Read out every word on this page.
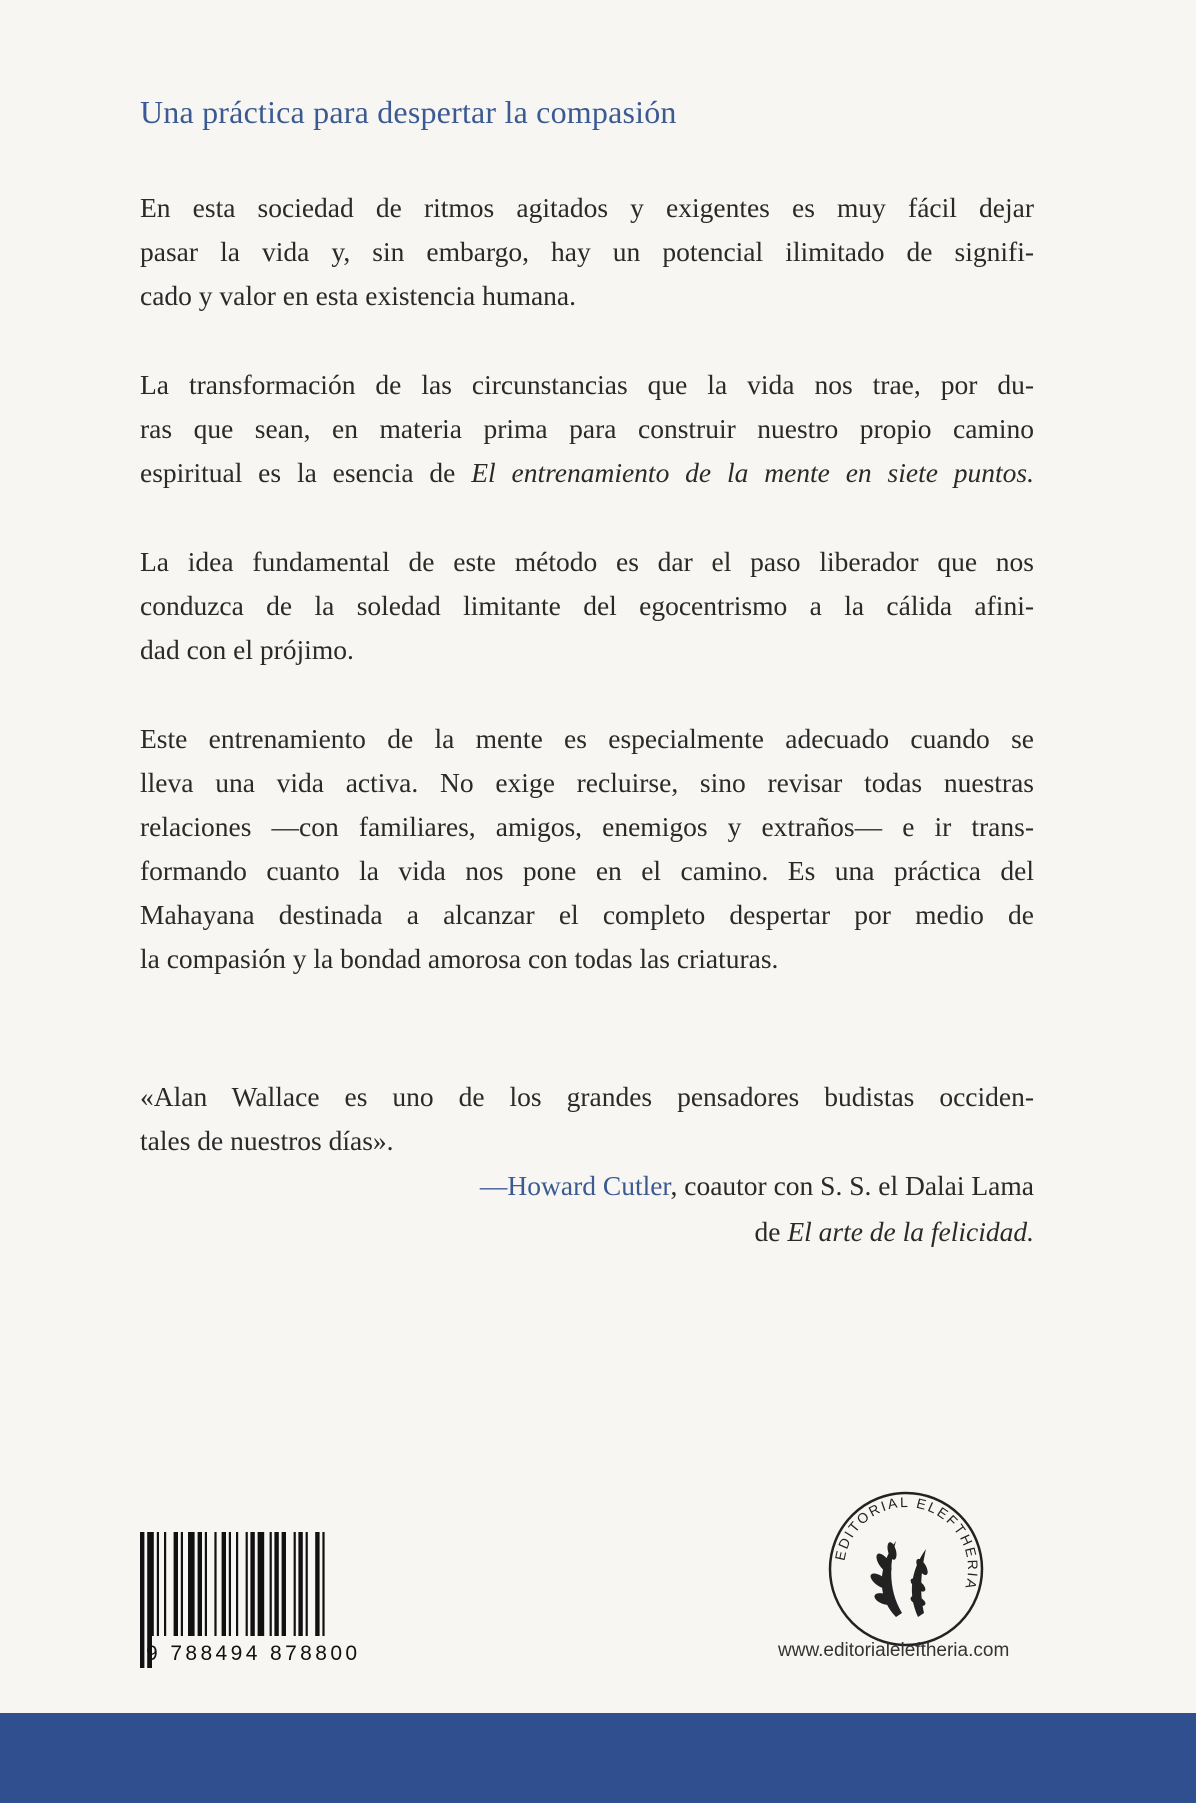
Una práctica para despertar la compasión
En esta sociedad de ritmos agitados y exigentes es muy fácil dejar
pasar la vida y, sin embargo, hay un potencial ilimitado de signifi-
cado y valor en esta existencia humana.
La transformación de las circunstancias que la vida nos trae, por du-
ras que sean, en materia prima para construir nuestro propio camino
espiritual es la esencia de El entrenamiento de la mente en siete puntos.
La idea fundamental de este método es dar el paso liberador que nos
conduzca de la soledad limitante del egocentrismo a la cálida afini-
dad con el prójimo.
Este entrenamiento de la mente es especialmente adecuado cuando se
lleva una vida activa. No exige recluirse, sino revisar todas nuestras
relaciones —con familiares, amigos, enemigos y extraños— e ir trans-
formando cuanto la vida nos pone en el camino. Es una práctica del
Mahayana destinada a alcanzar el completo despertar por medio de
la compasión y la bondad amorosa con todas las criaturas.
«Alan Wallace es uno de los grandes pensadores budistas occiden-
tales de nuestros días».
—Howard Cutler, coautor con S. S. el Dalai Lama
de El arte de la felicidad.
9 788494 878800
EDITORIAL ELEFTHERIA
www.editorialeleftheria.com
